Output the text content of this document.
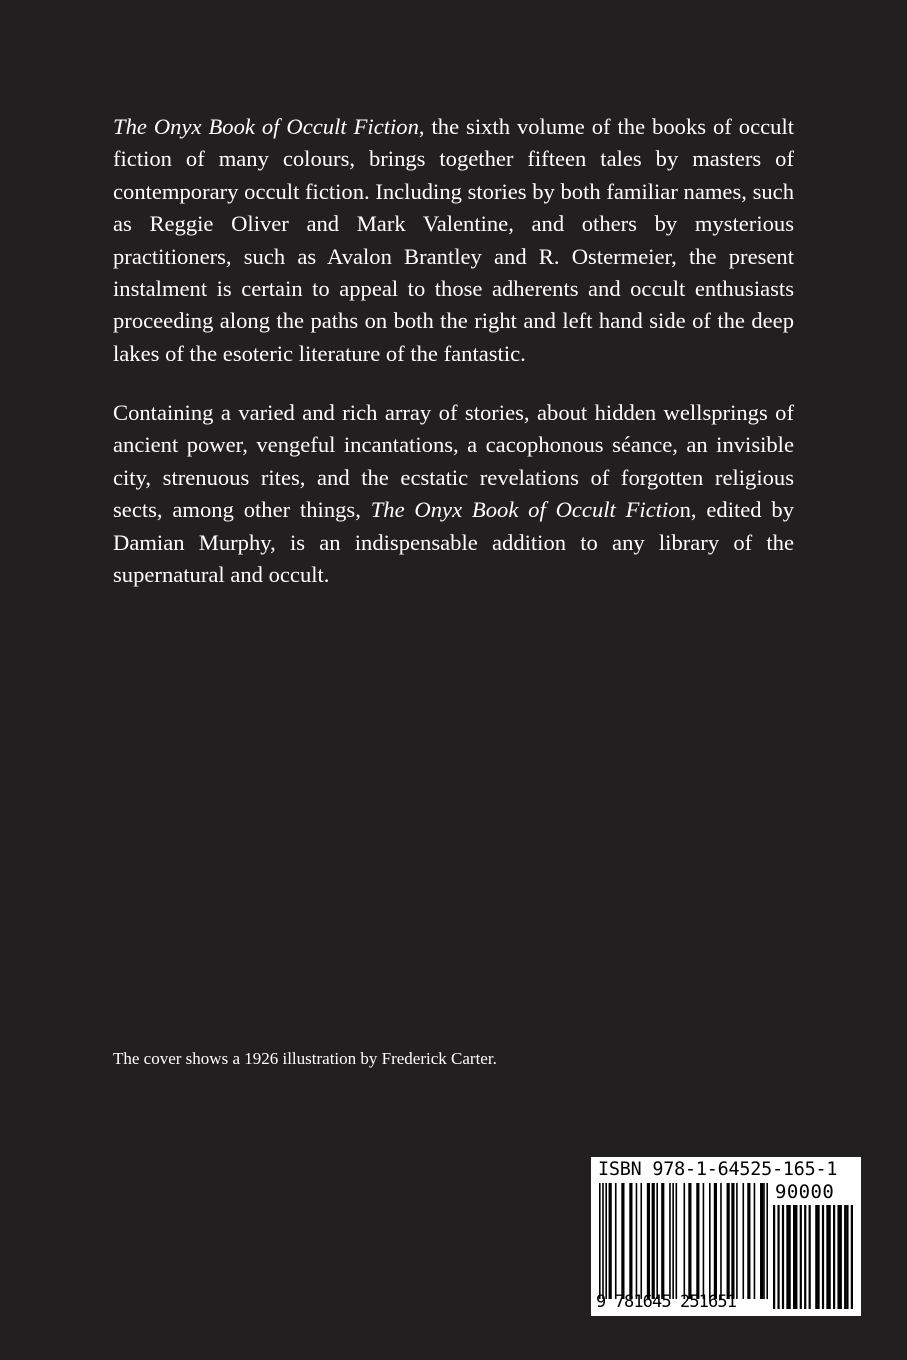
The Onyx Book of Occult Fiction, the sixth volume of the books of occult fiction of many colours, brings together fifteen tales by masters of contemporary occult fiction. Including stories by both familiar names, such as Reggie Oliver and Mark Valentine, and others by mysterious practitioners, such as Avalon Brantley and R. Ostermeier, the present instalment is certain to appeal to those adherents and occult enthusiasts proceeding along the paths on both the right and left hand side of the deep lakes of the esoteric literature of the fantastic.

Containing a varied and rich array of stories, about hidden wellsprings of ancient power, vengeful incantations, a cacophonous séance, an invisible city, strenuous rites, and the ecstatic revelations of forgotten religious sects, among other things, The Onyx Book of Occult Fiction, edited by Damian Murphy, is an indispensable addition to any library of the supernatural and occult.

The cover shows a 1926 illustration by Frederick Carter.

ISBN 978-1-64525-165-1
90000
9 781645 251651
